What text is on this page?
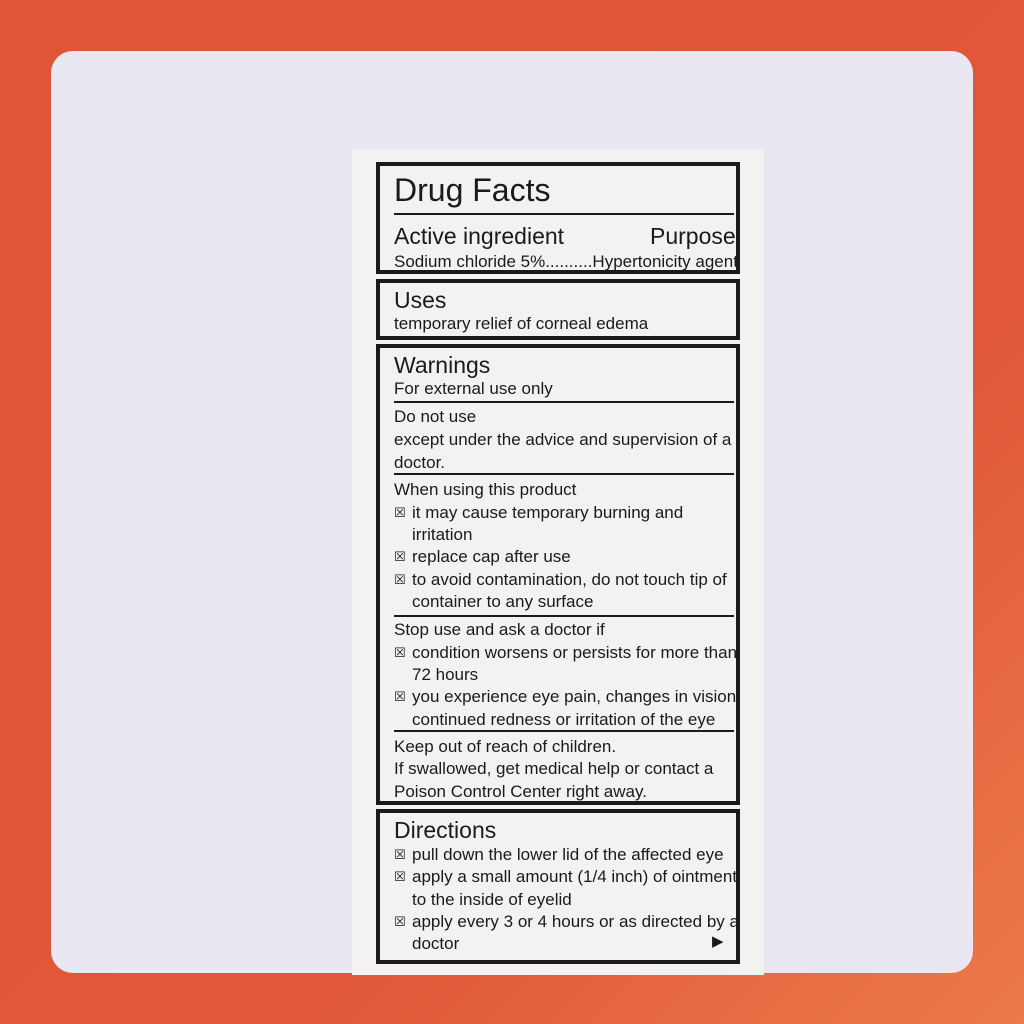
Drug Facts

Active ingredient	Purpose

Sodium chloride 5%..........Hypertonicity agent

Uses

temporary relief of corneal edema

Warnings

For external use only

Do not use

except under the advice and supervision of a

doctor.

When using this product

☒ it may cause temporary burning and

irritation

☒ replace cap after use

☒ to avoid contamination, do not touch tip of

container to any surface

Stop use and ask a doctor if

☒ condition worsens or persists for more than

72 hours

☒ you experience eye pain, changes in vision,

continued redness or irritation of the eye

Keep out of reach of children.

If swallowed, get medical help or contact a

Poison Control Center right away.

Directions

☒ pull down the lower lid of the affected eye

☒ apply a small amount (1/4 inch) of ointment

to the inside of eyelid

☒ apply every 3 or 4 hours or as directed by a

doctor	▶
